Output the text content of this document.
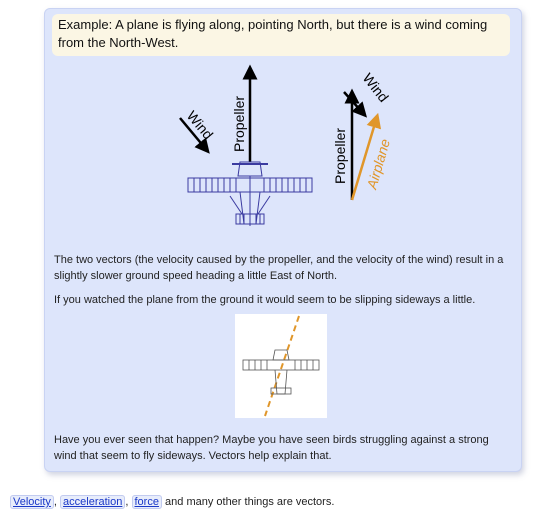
Example: A plane is flying along, pointing North, but there is a wind coming from the North-West.
Wind Propeller
Propeller
Wind
Airplane
The two vectors (the velocity caused by the propeller, and the velocity of the wind) result in a slightly slower ground speed heading a little East of North.
If you watched the plane from the ground it would seem to be slipping sideways a little.
Have you ever seen that happen? Maybe you have seen birds struggling against a strong wind that seem to fly sideways. Vectors help explain that.
Velocity , acceleration , force and many other things are vectors.
